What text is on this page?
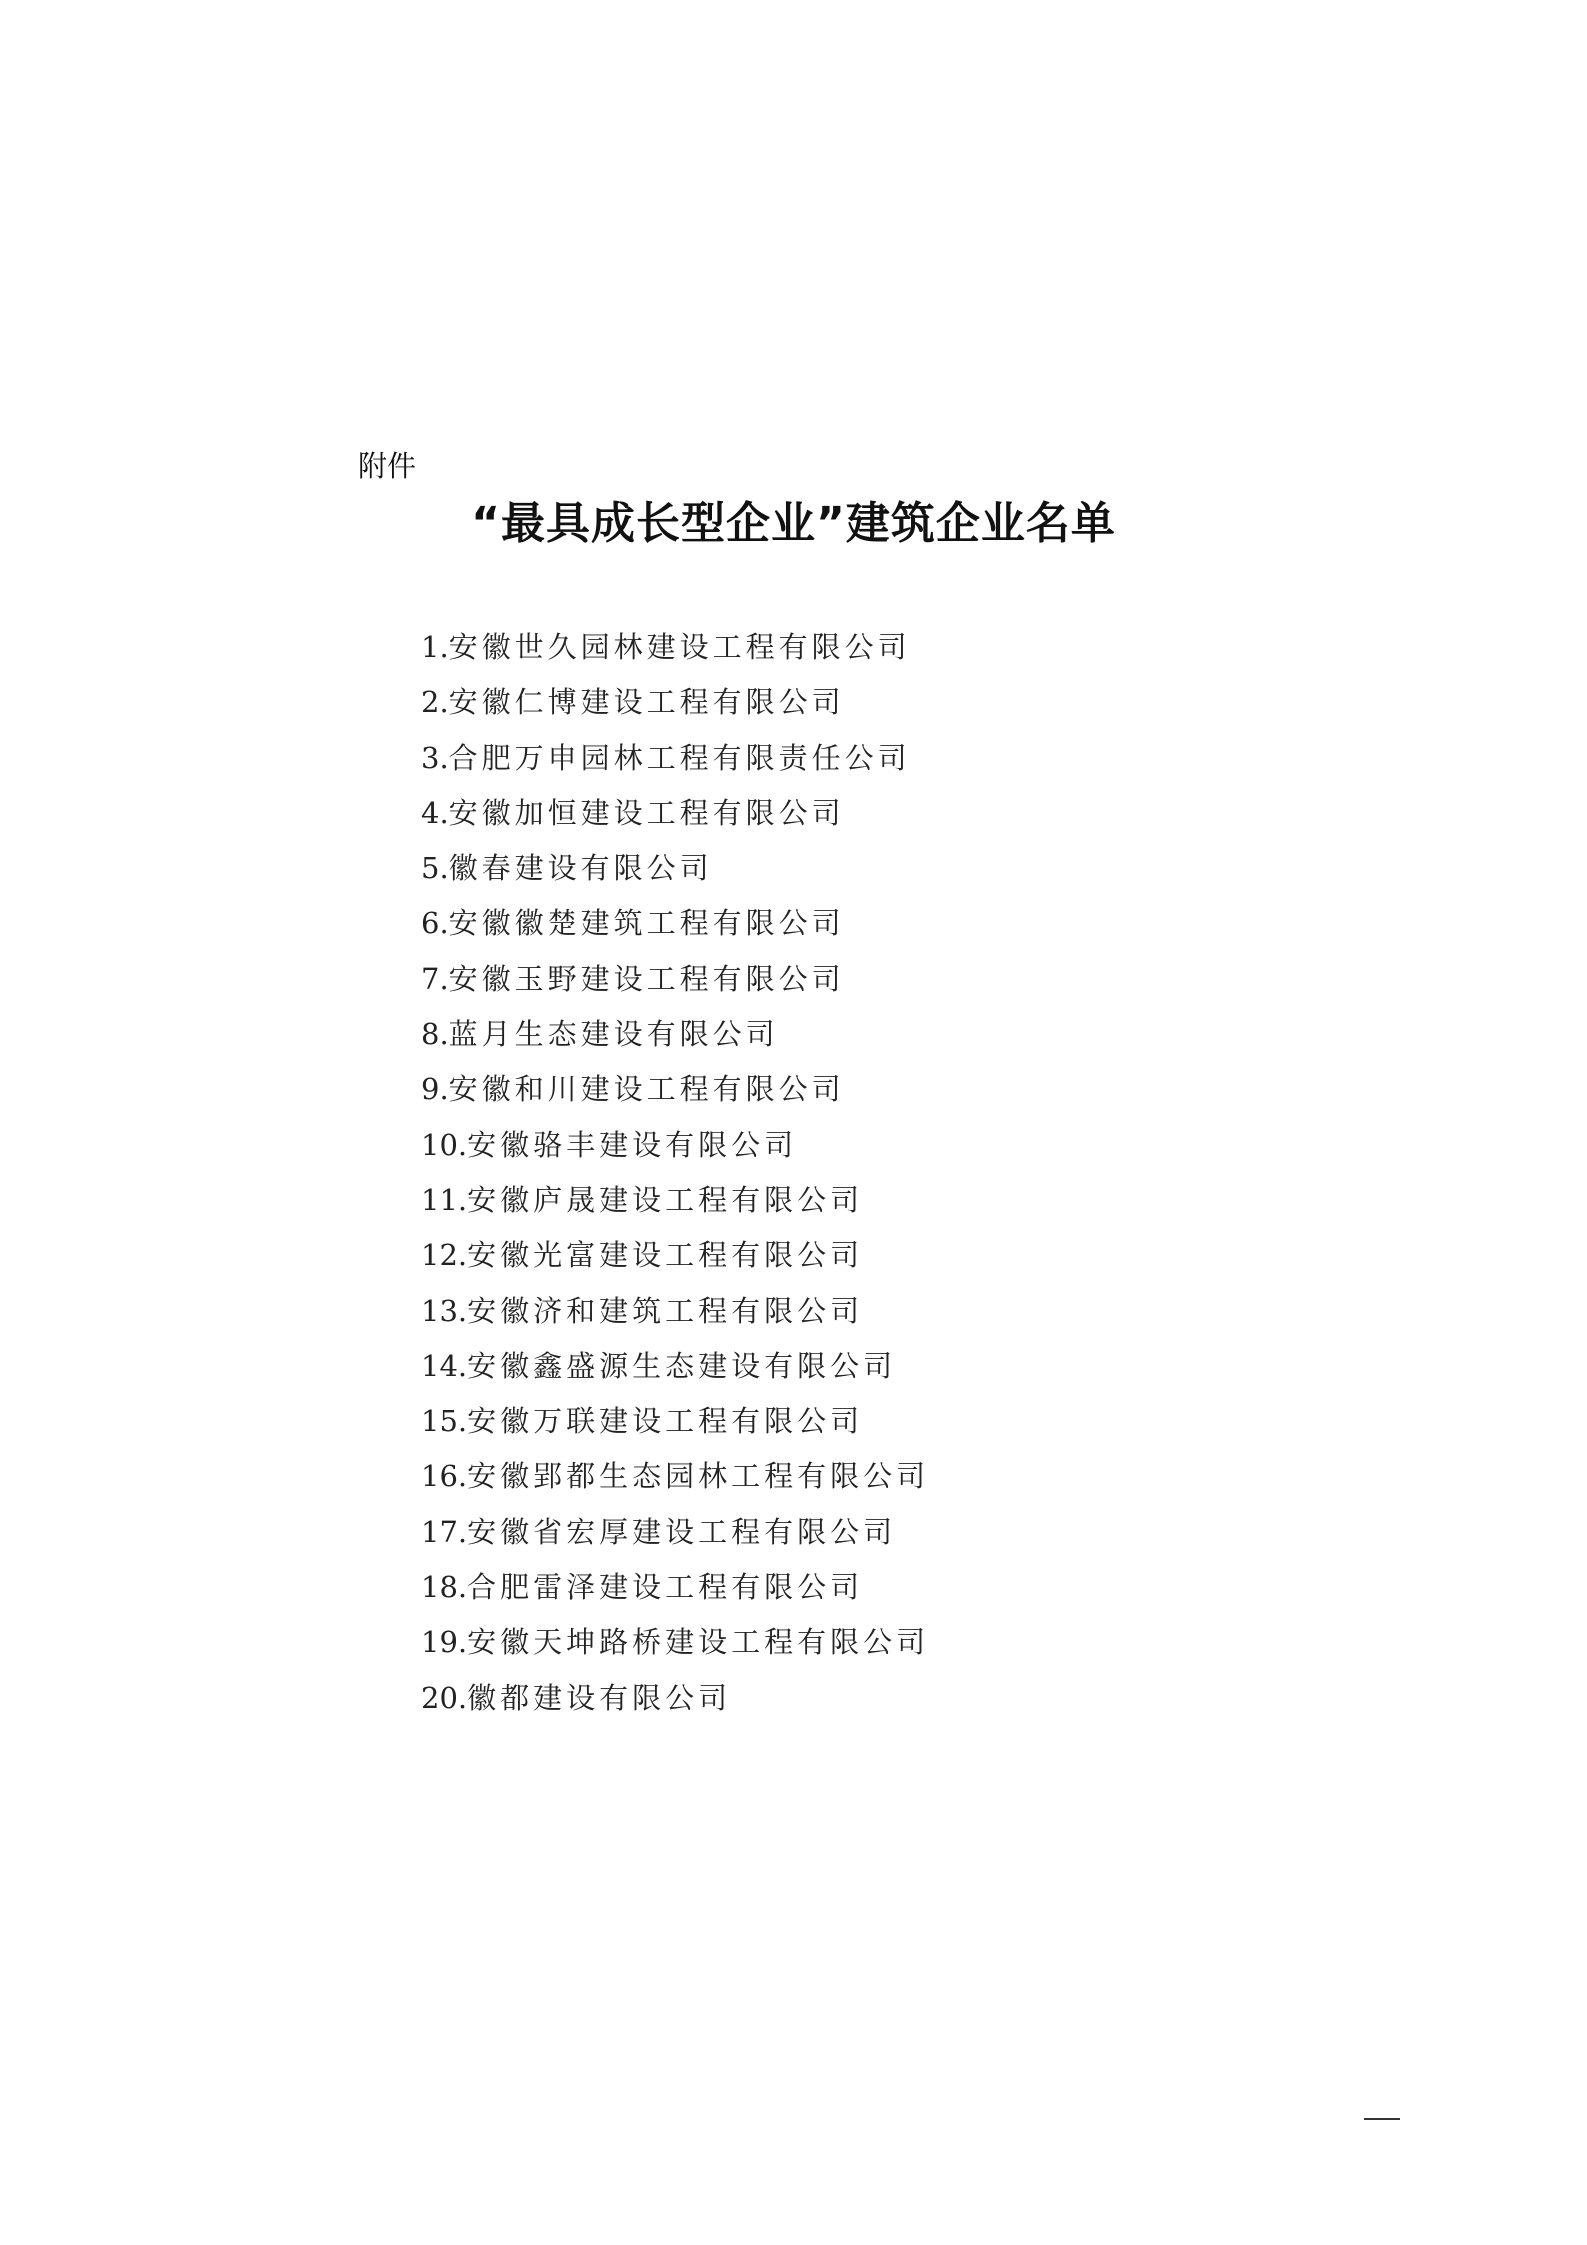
附件
“最具成长型企业”建筑企业名单
1.安徽世久园林建设工程有限公司
2.安徽仁博建设工程有限公司
3.合肥万申园林工程有限责任公司
4.安徽加恒建设工程有限公司
5.徽春建设有限公司
6.安徽徽楚建筑工程有限公司
7.安徽玉野建设工程有限公司
8.蓝月生态建设有限公司
9.安徽和川建设工程有限公司
10.安徽骆丰建设有限公司
11.安徽庐晟建设工程有限公司
12.安徽光富建设工程有限公司
13.安徽济和建筑工程有限公司
14.安徽鑫盛源生态建设有限公司
15.安徽万联建设工程有限公司
16.安徽郢都生态园林工程有限公司
17.安徽省宏厚建设工程有限公司
18.合肥雷泽建设工程有限公司
19.安徽天坤路桥建设工程有限公司
20.徽都建设有限公司
